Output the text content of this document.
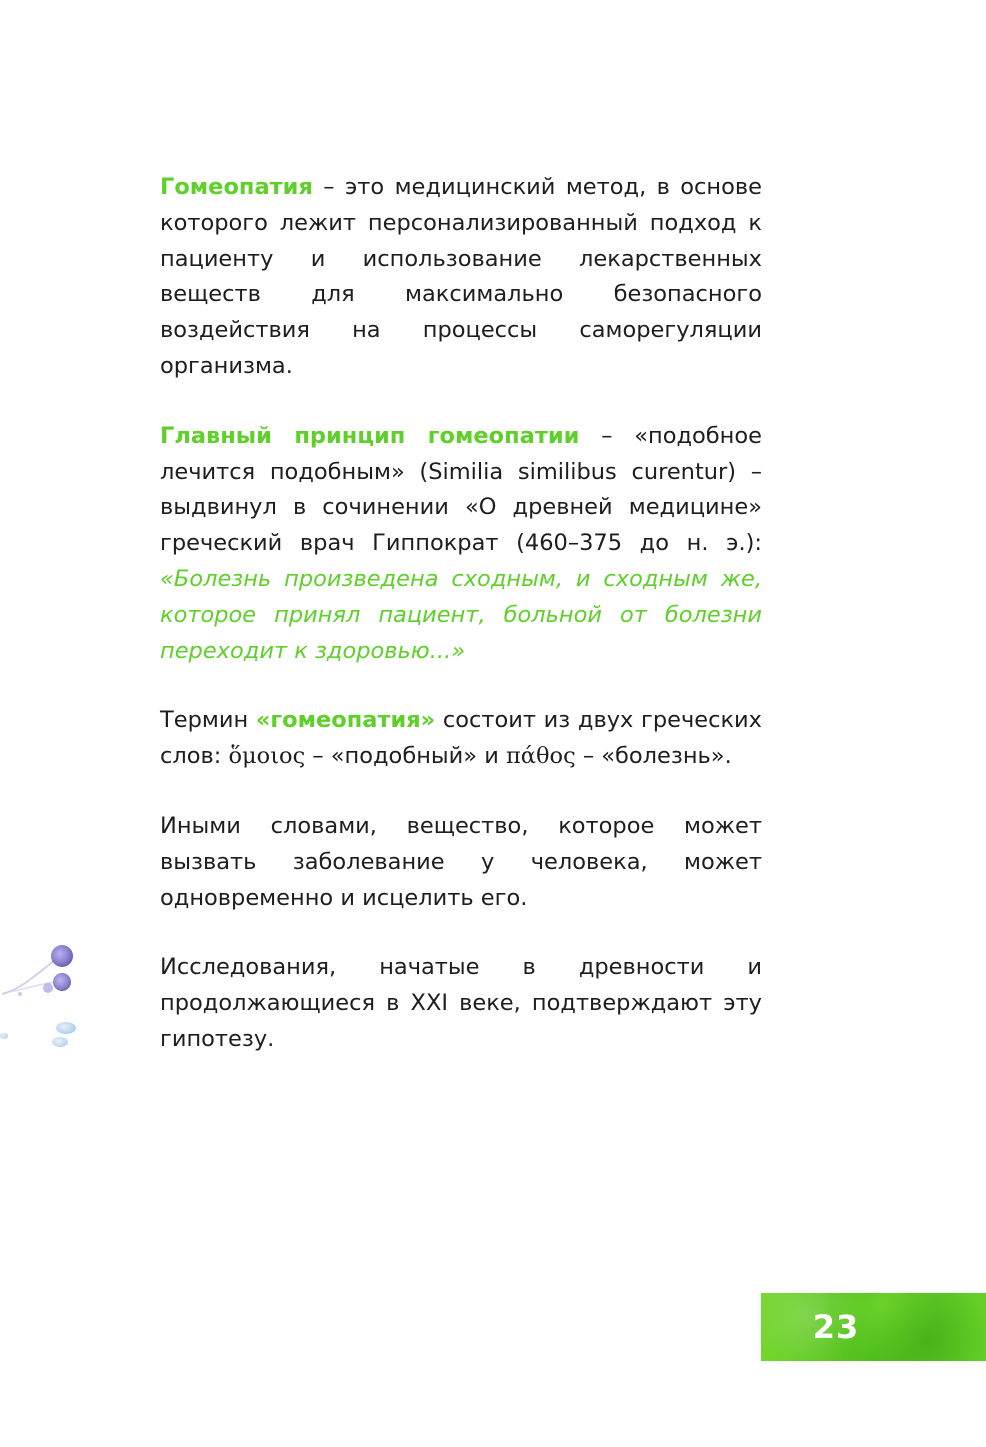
Гомеопатия – это медицинский метод, в основе которого лежит персонализированный подход к пациенту и использование лекарственных веществ для максимально безопасного воздействия на процессы саморегуляции организма.

Главный принцип гомеопатии – «подобное лечится подобным» (Similia similibus curentur) – выдвинул в сочинении «О древней медицине» греческий врач Гиппократ (460–375 до н. э.): «Болезнь произведена сходным, и сходным же, которое принял пациент, больной от болезни переходит к здоровью...»

Термин «гомеопатия» состоит из двух греческих слов: ὅμοιος – «подобный» и πάθος – «болезнь».

Иными словами, вещество, которое может вызвать заболевание у человека, может одновременно и исцелить его.

Исследования, начатые в древности и продолжающиеся в XXI веке, подтверждают эту гипотезу.

23
